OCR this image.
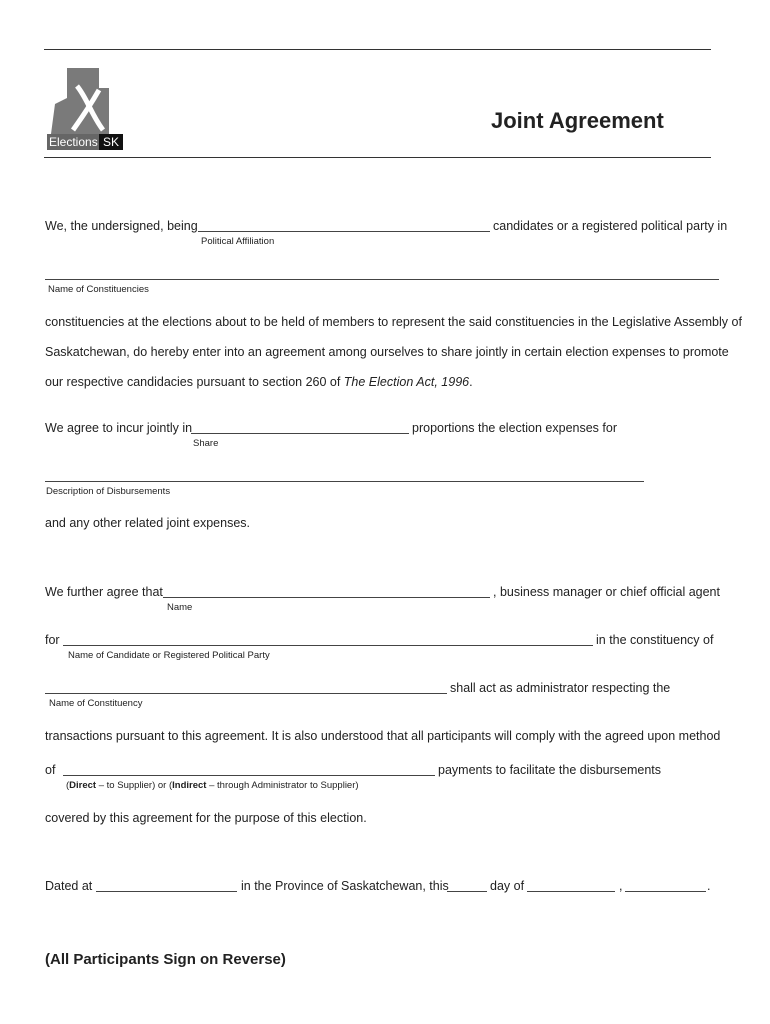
Elections SK
Joint Agreement
We, the undersigned, being	candidates or a registered political party in
Political Affiliation
Name of Constituencies
constituencies at the elections about to be held of members to represent the said constituencies in the Legislative Assembly of
Saskatchewan, do hereby enter into an agreement among ourselves to share jointly in certain election expenses to promote
our respective candidacies pursuant to section 260 of The Election Act, 1996.
We agree to incur jointly in	proportions the election expenses for
Share
Description of Disbursements
and any other related joint expenses.
We further agree that	, business manager or chief official agent
Name
for	in the constituency of
Name of Candidate or Registered Political Party
shall act as administrator respecting the
Name of Constituency
transactions pursuant to this agreement. It is also understood that all participants will comply with the agreed upon method
of	payments to facilitate the disbursements
(Direct – to Supplier) or (Indirect – through Administrator to Supplier)
covered by this agreement for the purpose of this election.
Dated at	in the Province of Saskatchewan, this	day of	,	.
(All Participants Sign on Reverse)
